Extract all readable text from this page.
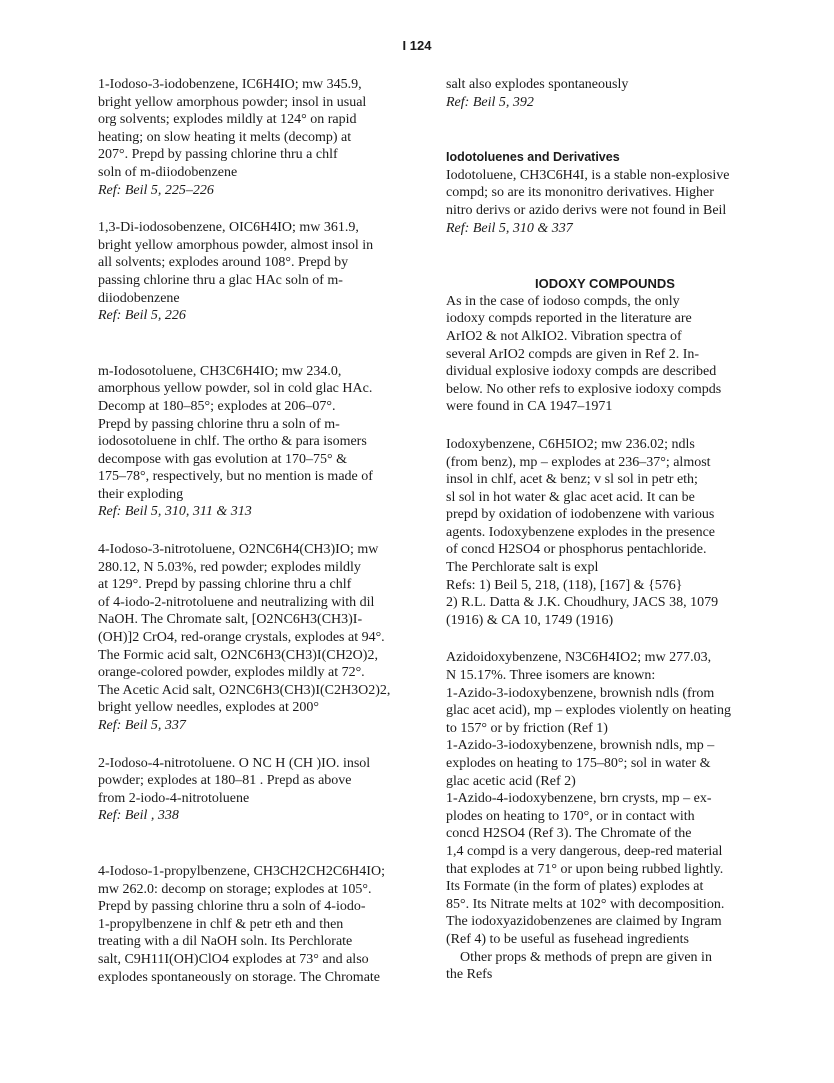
I 124

1-Iodoso-3-iodobenzene, IC6H4IO; mw 345.9,

bright yellow amorphous powder; insol in usual

org solvents; explodes mildly at 124° on rapid

heating; on slow heating it melts (decomp) at

207°. Prepd by passing chlorine thru a chlf

soln of m-diiodobenzene

Ref: Beil 5, 225–226

1,3-Di-iodosobenzene, OIC6H4IO; mw 361.9,

bright yellow amorphous powder, almost insol in

all solvents; explodes around 108°. Prepd by

passing chlorine thru a glac HAc soln of m-

diiodobenzene

Ref: Beil 5, 226

m-Iodosotoluene, CH3C6H4IO; mw 234.0,

amorphous yellow powder, sol in cold glac HAc.

Decomp at 180–85°; explodes at 206–07°.

Prepd by passing chlorine thru a soln of m-

iodosotoluene in chlf. The ortho & para isomers

decompose with gas evolution at 170–75° &

175–78°, respectively, but no mention is made of

their exploding

Ref: Beil 5, 310, 311 & 313

4-Iodoso-3-nitrotoluene, O2NC6H4(CH3)IO; mw

280.12, N 5.03%, red powder; explodes mildly

at 129°. Prepd by passing chlorine thru a chlf

of 4-iodo-2-nitrotoluene and neutralizing with dil

NaOH. The Chromate salt, [O2NC6H3(CH3)I-

(OH)]2 CrO4, red-orange crystals, explodes at 94°.

The Formic acid salt, O2NC6H3(CH3)I(CH2O)2,

orange-colored powder, explodes mildly at 72°.

The Acetic Acid salt, O2NC6H3(CH3)I(C2H3O2)2,

bright yellow needles, explodes at 200°

Ref: Beil 5, 337

2-Iodoso-4-nitrotoluene. O NC H (CH )IO. insol

powder; explodes at 180–81 . Prepd as above

from 2-iodo-4-nitrotoluene

Ref: Beil , 338

4-Iodoso-1-propylbenzene, CH3CH2CH2C6H4IO;

mw 262.0: decomp on storage; explodes at 105°.

Prepd by passing chlorine thru a soln of 4-iodo-

1-propylbenzene in chlf & petr eth and then

treating with a dil NaOH soln. Its Perchlorate

salt, C9H11I(OH)ClO4 explodes at 73° and also

explodes spontaneously on storage. The Chromate

salt also explodes spontaneously

Ref: Beil 5, 392

Iodotoluenes and Derivatives

Iodotoluene, CH3C6H4I, is a stable non-explosive

compd; so are its mononitro derivatives. Higher

nitro derivs or azido derivs were not found in Beil

Ref: Beil 5, 310 & 337

IODOXY COMPOUNDS

As in the case of iodoso compds, the only

iodoxy compds reported in the literature are

ArIO2 & not AlkIO2. Vibration spectra of

several ArIO2 compds are given in Ref 2. In-

dividual explosive iodoxy compds are described

below. No other refs to explosive iodoxy compds

were found in CA 1947–1971

Iodoxybenzene, C6H5IO2; mw 236.02; ndls

(from benz), mp – explodes at 236–37°; almost

insol in chlf, acet & benz; v sl sol in petr eth;

sl sol in hot water & glac acet acid. It can be

prepd by oxidation of iodobenzene with various

agents. Iodoxybenzene explodes in the presence

of concd H2SO4 or phosphorus pentachloride.

The Perchlorate salt is expl

Refs: 1) Beil 5, 218, (118), [167] & {576}

2) R.L. Datta & J.K. Choudhury, JACS 38, 1079

(1916) & CA 10, 1749 (1916)

Azidoidoxybenzene, N3C6H4IO2; mw 277.03,

N 15.17%. Three isomers are known:

1-Azido-3-iodoxybenzene, brownish ndls (from

glac acet acid), mp – explodes violently on heating

to 157° or by friction (Ref 1)

1-Azido-3-iodoxybenzene, brownish ndls, mp –

explodes on heating to 175–80°; sol in water &

glac acetic acid (Ref 2)

1-Azido-4-iodoxybenzene, brn crysts, mp – ex-

plodes on heating to 170°, or in contact with

concd H2SO4 (Ref 3). The Chromate of the

1,4 compd is a very dangerous, deep-red material

that explodes at 71° or upon being rubbed lightly.

Its Formate (in the form of plates) explodes at

85°. Its Nitrate melts at 102° with decomposition.

The iodoxyazidobenzenes are claimed by Ingram

(Ref 4) to be useful as fusehead ingredients

Other props & methods of prepn are given in

the Refs
